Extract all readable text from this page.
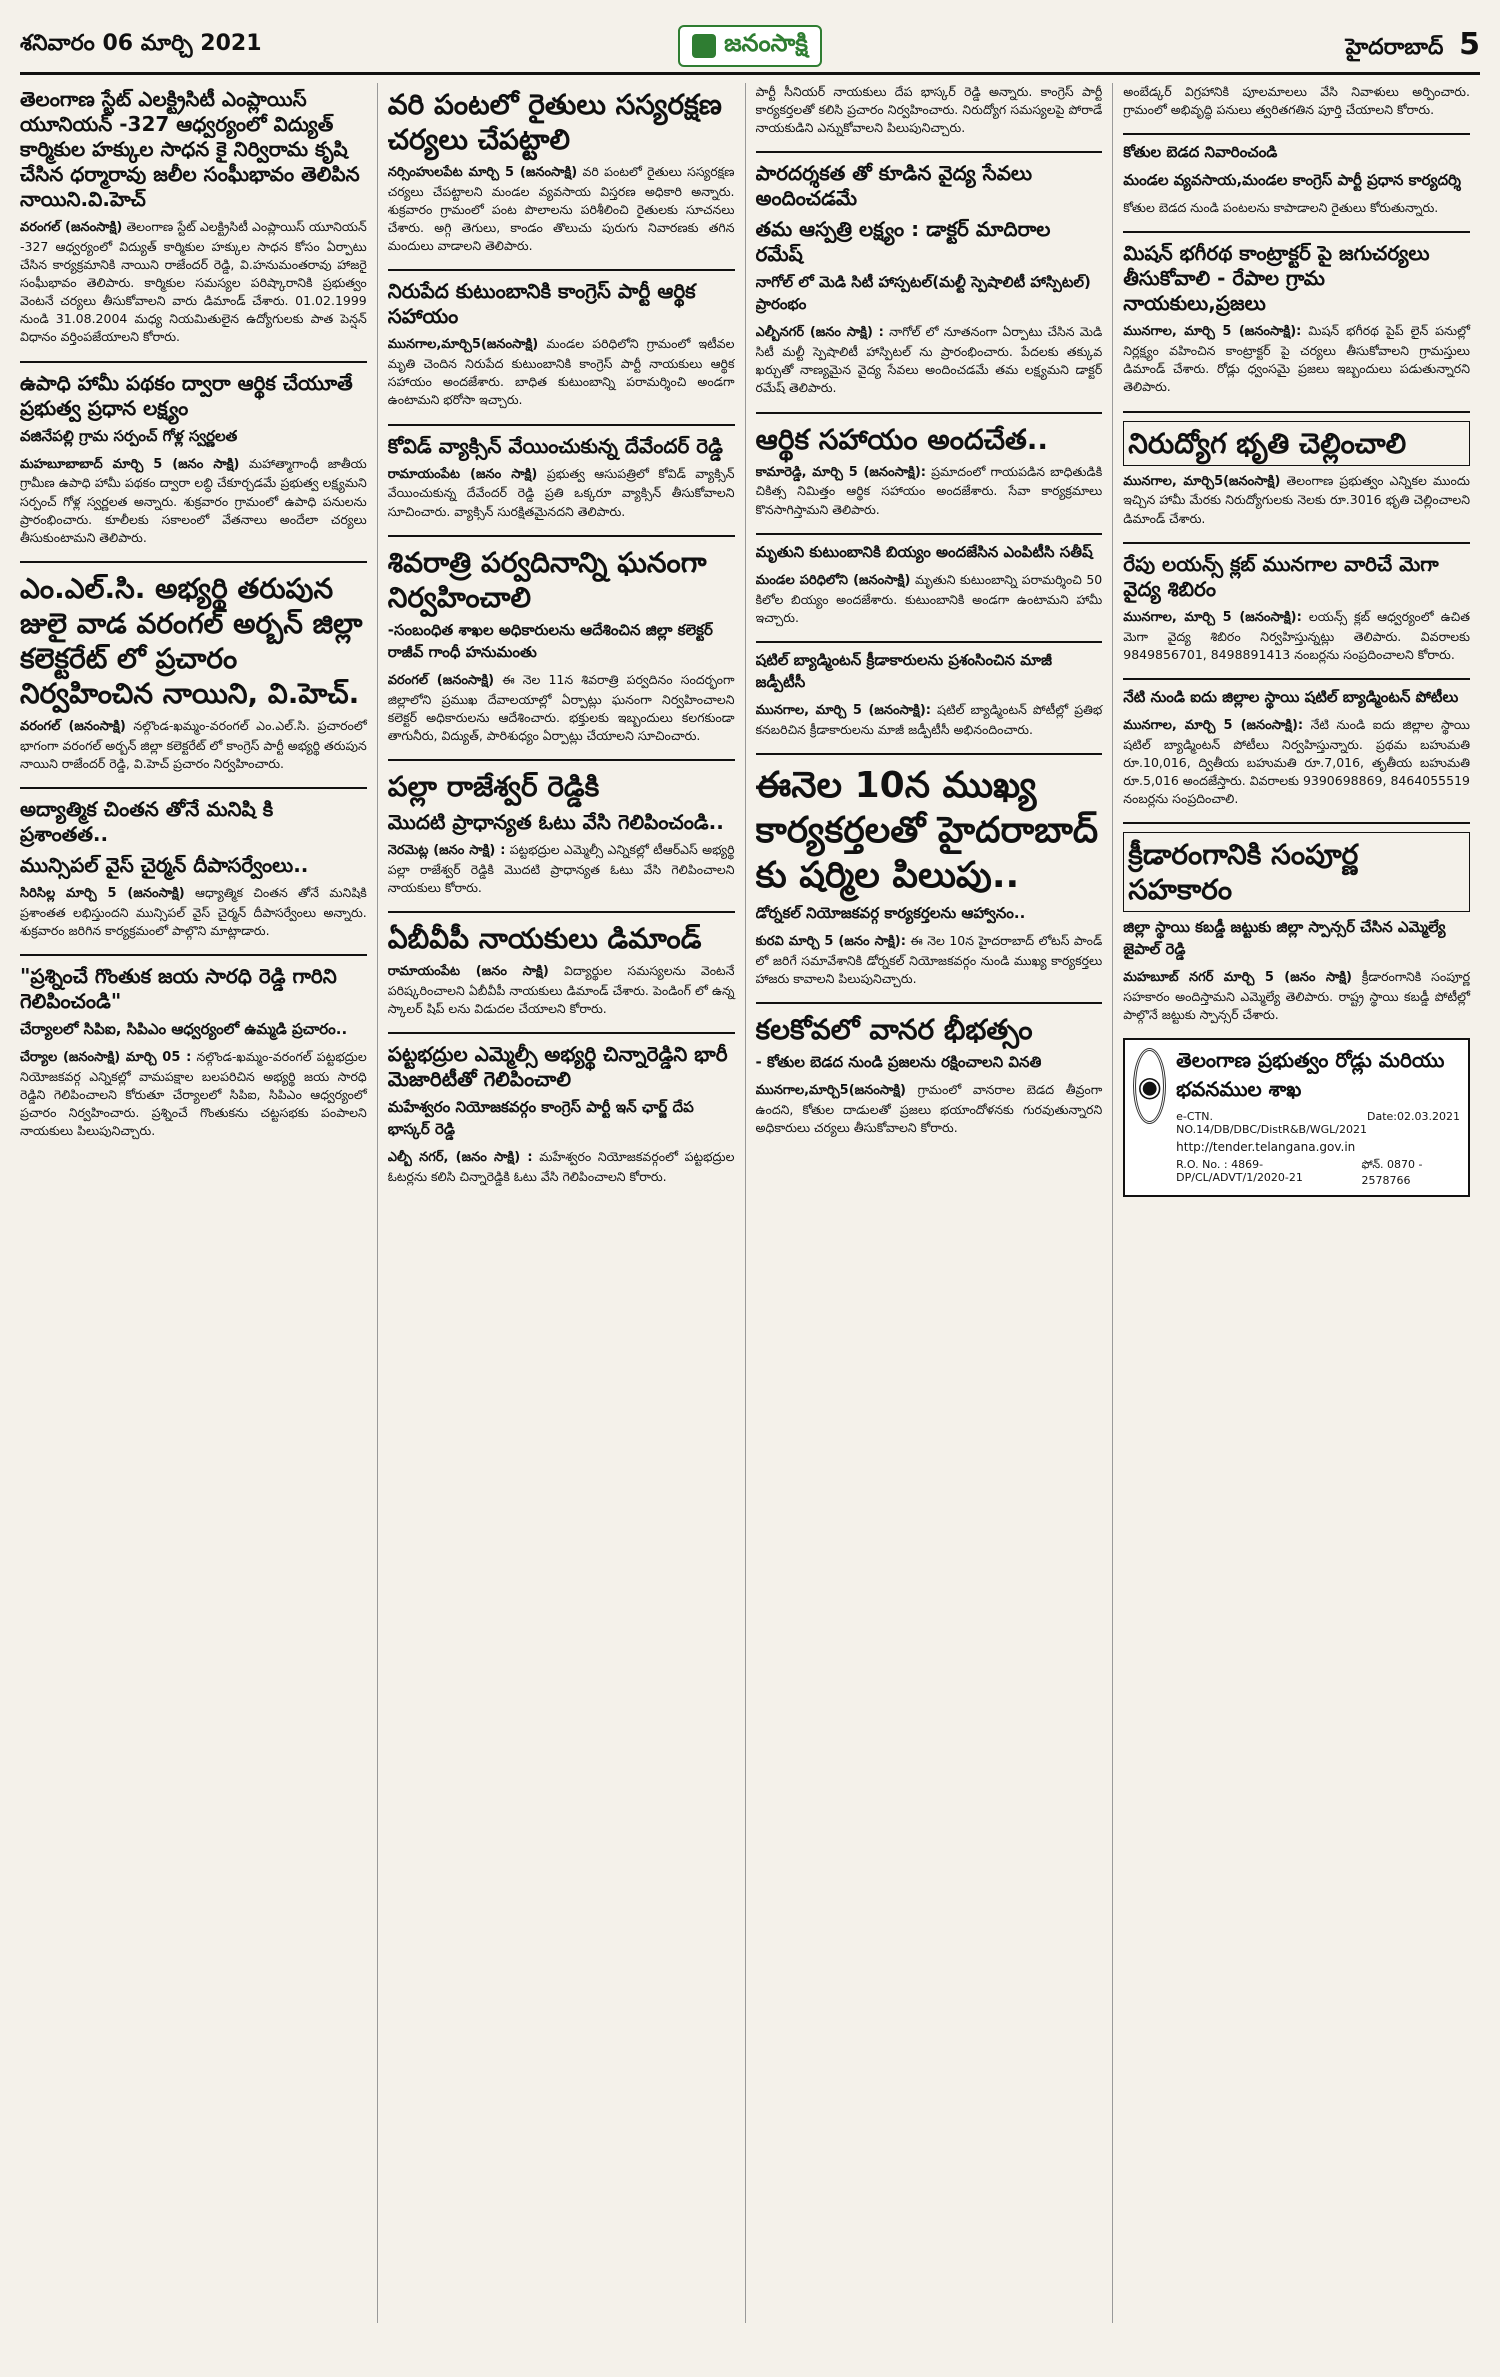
శనివారం 06 మార్చి 2021	జనంసాక్షి	హైదరాబాద్ 5
తెలంగాణ స్టేట్ ఎలక్ట్రిసిటీ ఎంప్లాయిస్ యూనియన్ -327 ఆధ్వర్యంలో విద్యుత్ కార్మికుల హక్కుల సాధన కై నిర్విరామ కృషి చేసిన ధర్మారావు జలీల సంఘీభావం తెలిపిన నాయిని.వి.హెచ్

వరంగల్ (జనంసాక్షి) తెలంగాణ స్టేట్ ఎలక్ట్రిసిటీ ఎంప్లాయిస్ యూనియన్ -327 ఆధ్వర్యంలో విద్యుత్ కార్మికుల హక్కుల సాధన కోసం ఏర్పాటు చేసిన కార్యక్రమానికి నాయిని రాజేందర్ రెడ్డి, వి.హనుమంతరావు హాజరై సంఘీభావం తెలిపారు. కార్మికుల సమస్యల పరిష్కారానికి ప్రభుత్వం వెంటనే చర్యలు తీసుకోవాలని వారు డిమాండ్ చేశారు. 01.02.1999 నుండి 31.08.2004 మధ్య నియమితులైన ఉద్యోగులకు పాత పెన్షన్ విధానం వర్తింపజేయాలని కోరారు.

ఉపాధి హామీ పథకం ద్వారా ఆర్థిక చేయూతే ప్రభుత్వ ప్రధాన లక్ష్యం
వజినేపల్లి గ్రామ సర్పంచ్ గోళ్ల స్వర్ణలత

మహబూబాబాద్ మార్చి 5 (జనం సాక్షి) మహాత్మాగాంధీ జాతీయ గ్రామీణ ఉపాధి హామీ పథకం ద్వారా లబ్ధి చేకూర్చడమే ప్రభుత్వ లక్ష్యమని సర్పంచ్ గోళ్ల స్వర్ణలత అన్నారు. శుక్రవారం గ్రామంలో ఉపాధి పనులను ప్రారంభించారు. కూలీలకు సకాలంలో వేతనాలు అందేలా చర్యలు తీసుకుంటామని తెలిపారు.

ఎం.ఎల్.సి. అభ్యర్థి తరుపున జులై వాడ వరంగల్ అర్బన్ జిల్లా కలెక్టరేట్ లో ప్రచారం నిర్వహించిన నాయిని, వి.హెచ్.

వరంగల్ (జనంసాక్షి) నల్గొండ-ఖమ్మం-వరంగల్ ఎం.ఎల్.సి. ప్రచారంలో భాగంగా వరంగల్ అర్బన్ జిల్లా కలెక్టరేట్ లో కాంగ్రెస్ పార్టీ అభ్యర్థి తరుపున నాయిని రాజేందర్ రెడ్డి, వి.హెచ్ ప్రచారం నిర్వహించారు.

అద్యాత్మిక చింతన తోనే మనిషి కి ప్రశాంతత..
మున్సిపల్ వైస్ చైర్మన్ దీపాసర్వేంలు..

సిరిసిల్ల మార్చి 5 (జనంసాక్షి) ఆధ్యాత్మిక చింతన తోనే మనిషికి ప్రశాంతత లభిస్తుందని మున్సిపల్ వైస్ చైర్మన్ దీపాసర్వేంలు అన్నారు. శుక్రవారం జరిగిన కార్యక్రమంలో పాల్గొని మాట్లాడారు.

"ప్రశ్నించే గొంతుక జయ సారధి రెడ్డి గారిని గెలిపించండి"
చేర్యాలలో సిపిఐ, సిపిఎం ఆధ్వర్యంలో ఉమ్మడి ప్రచారం..

చేర్యాల (జనంసాక్షి) మార్చి 05 : నల్గొండ-ఖమ్మం-వరంగల్ పట్టభద్రుల నియోజకవర్గ ఎన్నికల్లో వామపక్షాల బలపరిచిన అభ్యర్థి జయ సారధి రెడ్డిని గెలిపించాలని కోరుతూ చేర్యాలలో సిపిఐ, సిపిఎం ఆధ్వర్యంలో ప్రచారం నిర్వహించారు. ప్రశ్నించే గొంతుకను చట్టసభకు పంపాలని నాయకులు పిలుపునిచ్చారు.

వరి పంటలో రైతులు సస్యరక్షణ చర్యలు చేపట్టాలి

నర్సింహులపేట మార్చి 5 (జనంసాక్షి) వరి పంటలో రైతులు సస్యరక్షణ చర్యలు చేపట్టాలని మండల వ్యవసాయ విస్తరణ అధికారి అన్నారు. శుక్రవారం గ్రామంలో పంట పొలాలను పరిశీలించి రైతులకు సూచనలు చేశారు. అగ్గి తెగులు, కాండం తొలుచు పురుగు నివారణకు తగిన మందులు వాడాలని తెలిపారు.

నిరుపేద కుటుంబానికి కాంగ్రెస్ పార్టీ ఆర్థిక సహాయం

మునగాల,మార్చి5(జనంసాక్షి) మండల పరిధిలోని గ్రామంలో ఇటీవల మృతి చెందిన నిరుపేద కుటుంబానికి కాంగ్రెస్ పార్టీ నాయకులు ఆర్థిక సహాయం అందజేశారు. బాధిత కుటుంబాన్ని పరామర్శించి అండగా ఉంటామని భరోసా ఇచ్చారు.

కోవిడ్ వ్యాక్సిన్ వేయించుకున్న దేవేందర్ రెడ్డి

రామాయంపేట (జనం సాక్షి) ప్రభుత్వ ఆసుపత్రిలో కోవిడ్ వ్యాక్సిన్ వేయించుకున్న దేవేందర్ రెడ్డి ప్రతి ఒక్కరూ వ్యాక్సిన్ తీసుకోవాలని సూచించారు. వ్యాక్సిన్ సురక్షితమైనదని తెలిపారు.

శివరాత్రి పర్వదినాన్ని ఘనంగా నిర్వహించాలి
-సంబంధిత శాఖల అధికారులను ఆదేశించిన జిల్లా కలెక్టర్ రాజీవ్ గాంధీ హనుమంతు

వరంగల్ (జనంసాక్షి) ఈ నెల 11న శివరాత్రి పర్వదినం సందర్భంగా జిల్లాలోని ప్రముఖ దేవాలయాల్లో ఏర్పాట్లు ఘనంగా నిర్వహించాలని కలెక్టర్ అధికారులను ఆదేశించారు. భక్తులకు ఇబ్బందులు కలగకుండా తాగునీరు, విద్యుత్, పారిశుధ్యం ఏర్పాట్లు చేయాలని సూచించారు.

పల్లా రాజేశ్వర్ రెడ్డికి
మొదటి ప్రాధాన్యత ఓటు వేసి గెలిపించండి..

నెరమెట్ల (జనం సాక్షి) : పట్టభద్రుల ఎమ్మెల్సీ ఎన్నికల్లో టీఆర్ఎస్ అభ్యర్థి పల్లా రాజేశ్వర్ రెడ్డికి మొదటి ప్రాధాన్యత ఓటు వేసి గెలిపించాలని నాయకులు కోరారు.

ఏబీవీపీ నాయకులు డిమాండ్

రామాయంపేట (జనం సాక్షి) విద్యార్థుల సమస్యలను వెంటనే పరిష్కరించాలని ఏబీవీపీ నాయకులు డిమాండ్ చేశారు. పెండింగ్ లో ఉన్న స్కాలర్ షిప్ లను విడుదల చేయాలని కోరారు.

పట్టభద్రుల ఎమ్మెల్సీ అభ్యర్థి చిన్నారెడ్డిని భారీ మెజారిటీతో గెలిపించాలి
మహేశ్వరం నియోజకవర్గం కాంగ్రెస్ పార్టీ ఇన్ ఛార్జ్ దేప భాస్కర్ రెడ్డి

ఎల్బీ నగర్, (జనం సాక్షి) : మహేశ్వరం నియోజకవర్గంలో పట్టభద్రుల ఓటర్లను కలిసి చిన్నారెడ్డికి ఓటు వేసి గెలిపించాలని కోరారు.

పార్టీ సీనియర్ నాయకులు దేప భాస్కర్ రెడ్డి అన్నారు. కాంగ్రెస్ పార్టీ కార్యకర్తలతో కలిసి ప్రచారం నిర్వహించారు. నిరుద్యోగ సమస్యలపై పోరాడే నాయకుడిని ఎన్నుకోవాలని పిలుపునిచ్చారు.

పారదర్శకత తో కూడిన వైద్య సేవలు అందించడమే
తమ ఆస్పత్రి లక్ష్యం : డాక్టర్ మాదిరాల రమేష్
నాగోల్ లో మెడి సిటీ హాస్పటల్(మల్టీ స్పెషాలిటీ హాస్పిటల్) ప్రారంభం

ఎల్బీనగర్ (జనం సాక్షి) : నాగోల్ లో నూతనంగా ఏర్పాటు చేసిన మెడి సిటీ మల్టీ స్పెషాలిటీ హాస్పిటల్ ను ప్రారంభించారు. పేదలకు తక్కువ ఖర్చుతో నాణ్యమైన వైద్య సేవలు అందించడమే తమ లక్ష్యమని డాక్టర్ రమేష్ తెలిపారు.

ఆర్థిక సహాయం అందచేత..

కామారెడ్డి, మార్చి 5 (జనంసాక్షి): ప్రమాదంలో గాయపడిన బాధితుడికి చికిత్స నిమిత్తం ఆర్థిక సహాయం అందజేశారు. సేవా కార్యక్రమాలు కొనసాగిస్తామని తెలిపారు.

మృతుని కుటుంబానికి బియ్యం అందజేసిన ఎంపిటీసి సతీష్

మండల పరిధిలోని (జనంసాక్షి) మృతుని కుటుంబాన్ని పరామర్శించి 50 కిలోల బియ్యం అందజేశారు. కుటుంబానికి అండగా ఉంటామని హామీ ఇచ్చారు.

షటిల్ బ్యాడ్మింటన్ క్రీడాకారులను ప్రశంసించిన మాజీ జడ్పీటీసీ

మునగాల, మార్చి 5 (జనంసాక్షి): షటిల్ బ్యాడ్మింటన్ పోటీల్లో ప్రతిభ కనబరిచిన క్రీడాకారులను మాజీ జడ్పీటీసీ అభినందించారు.

ఈనెల 10న ముఖ్య కార్యకర్తలతో హైదరాబాద్ కు షర్మిల పిలుపు..
డోర్నకల్ నియోజకవర్గ కార్యకర్తలను ఆహ్వానం..

కురవి మార్చి 5 (జనం సాక్షి): ఈ నెల 10న హైదరాబాద్ లోటస్ పాండ్ లో జరిగే సమావేశానికి డోర్నకల్ నియోజకవర్గం నుండి ముఖ్య కార్యకర్తలు హాజరు కావాలని పిలుపునిచ్చారు.

కలకోవలో వానర భీభత్సం
- కోతుల బెడద నుండి ప్రజలను రక్షించాలని వినతి

మునగాల,మార్చి5(జనంసాక్షి) గ్రామంలో వానరాల బెడద తీవ్రంగా ఉందని, కోతుల దాడులతో ప్రజలు భయాందోళనకు గురవుతున్నారని అధికారులు చర్యలు తీసుకోవాలని కోరారు.

అంబేడ్కర్ విగ్రహానికి పూలమాలలు వేసి నివాళులు అర్పించారు. గ్రామంలో అభివృద్ధి పనులు త్వరితగతిన పూర్తి చేయాలని కోరారు.

కోతుల బెడద నివారించండి
మండల వ్యవసాయ,మండల కాంగ్రెస్ పార్టీ ప్రధాన కార్యదర్శి

కోతుల బెడద నుండి పంటలను కాపాడాలని రైతులు కోరుతున్నారు.

మిషన్ భగీరథ కాంట్రాక్టర్ పై జగుచర్యలు తీసుకోవాలి - రేపాల గ్రామ నాయకులు,ప్రజలు

మునగాల, మార్చి 5 (జనంసాక్షి): మిషన్ భగీరథ పైప్ లైన్ పనుల్లో నిర్లక్ష్యం వహించిన కాంట్రాక్టర్ పై చర్యలు తీసుకోవాలని గ్రామస్తులు డిమాండ్ చేశారు. రోడ్లు ధ్వంసమై ప్రజలు ఇబ్బందులు పడుతున్నారని తెలిపారు.

నిరుద్యోగ భృతి చెల్లించాలి

మునగాల, మార్చి5(జనంసాక్షి) తెలంగాణ ప్రభుత్వం ఎన్నికల ముందు ఇచ్చిన హామీ మేరకు నిరుద్యోగులకు నెలకు రూ.3016 భృతి చెల్లించాలని డిమాండ్ చేశారు.

రేపు లయన్స్ క్లబ్ మునగాల వారిచే మెగా వైద్య శిబిరం

మునగాల, మార్చి 5 (జనంసాక్షి): లయన్స్ క్లబ్ ఆధ్వర్యంలో ఉచిత మెగా వైద్య శిబిరం నిర్వహిస్తున్నట్లు తెలిపారు. వివరాలకు 9849856701, 8498891413 నంబర్లను సంప్రదించాలని కోరారు.

నేటి నుండి ఐదు జిల్లాల స్థాయి షటిల్ బ్యాడ్మింటన్ పోటీలు

మునగాల, మార్చి 5 (జనంసాక్షి): నేటి నుండి ఐదు జిల్లాల స్థాయి షటిల్ బ్యాడ్మింటన్ పోటీలు నిర్వహిస్తున్నారు. ప్రథమ బహుమతి రూ.10,016, ద్వితీయ బహుమతి రూ.7,016, తృతీయ బహుమతి రూ.5,016 అందజేస్తారు. వివరాలకు 9390698869, 8464055519 నంబర్లను సంప్రదించాలి.

క్రీడారంగానికి సంపూర్ణ సహకారం
జిల్లా స్థాయి కబడ్డీ జట్టుకు జిల్లా స్పాన్సర్ చేసిన ఎమ్మెల్యే జైపాల్ రెడ్డి

మహబూబ్ నగర్ మార్చి 5 (జనం సాక్షి) క్రీడారంగానికి సంపూర్ణ సహకారం అందిస్తామని ఎమ్మెల్యే తెలిపారు. రాష్ట్ర స్థాయి కబడ్డీ పోటీల్లో పాల్గొనే జట్టుకు స్పాన్సర్ చేశారు.

◉
తెలంగాణ ప్రభుత్వం రోడ్లు మరియు భవనముల శాఖ
e-CTN. NO.14/DB/DBC/DistR&B/WGL/2021
Date:02.03.2021
http://tender.telangana.gov.in
R.O. No. : 4869-DP/CL/ADVT/1/2020-21
ఫోన్. 0870 - 2578766
